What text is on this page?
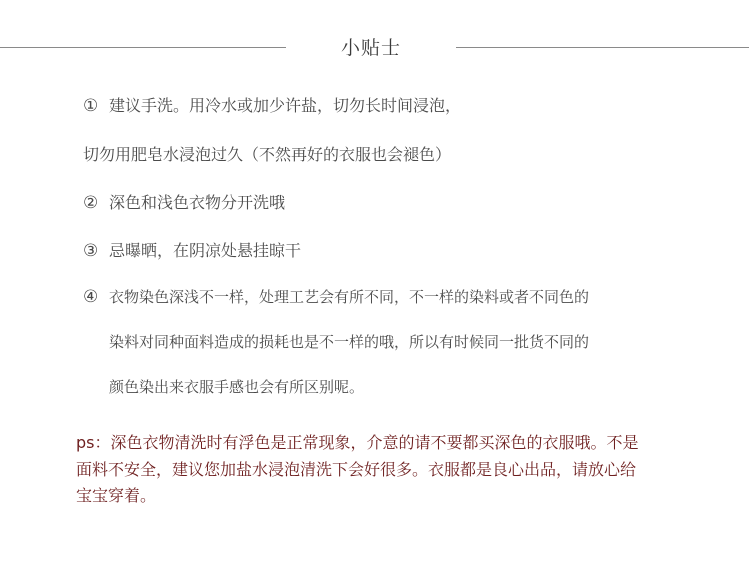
小贴士
① 建议手洗。用冷水或加少许盐，切勿长时间浸泡，
切勿用肥皂水浸泡过久（不然再好的衣服也会褪色）
② 深色和浅色衣物分开洗哦
③ 忌曝晒，在阴凉处悬挂晾干
④ 衣物染色深浅不一样，处理工艺会有所不同，不一样的染料或者不同色的
染料对同种面料造成的损耗也是不一样的哦，所以有时候同一批货不同的
颜色染出来衣服手感也会有所区别呢。
ps：深色衣物清洗时有浮色是正常现象，介意的请不要都买深色的衣服哦。不是
面料不安全，建议您加盐水浸泡清洗下会好很多。衣服都是良心出品，请放心给
宝宝穿着。
